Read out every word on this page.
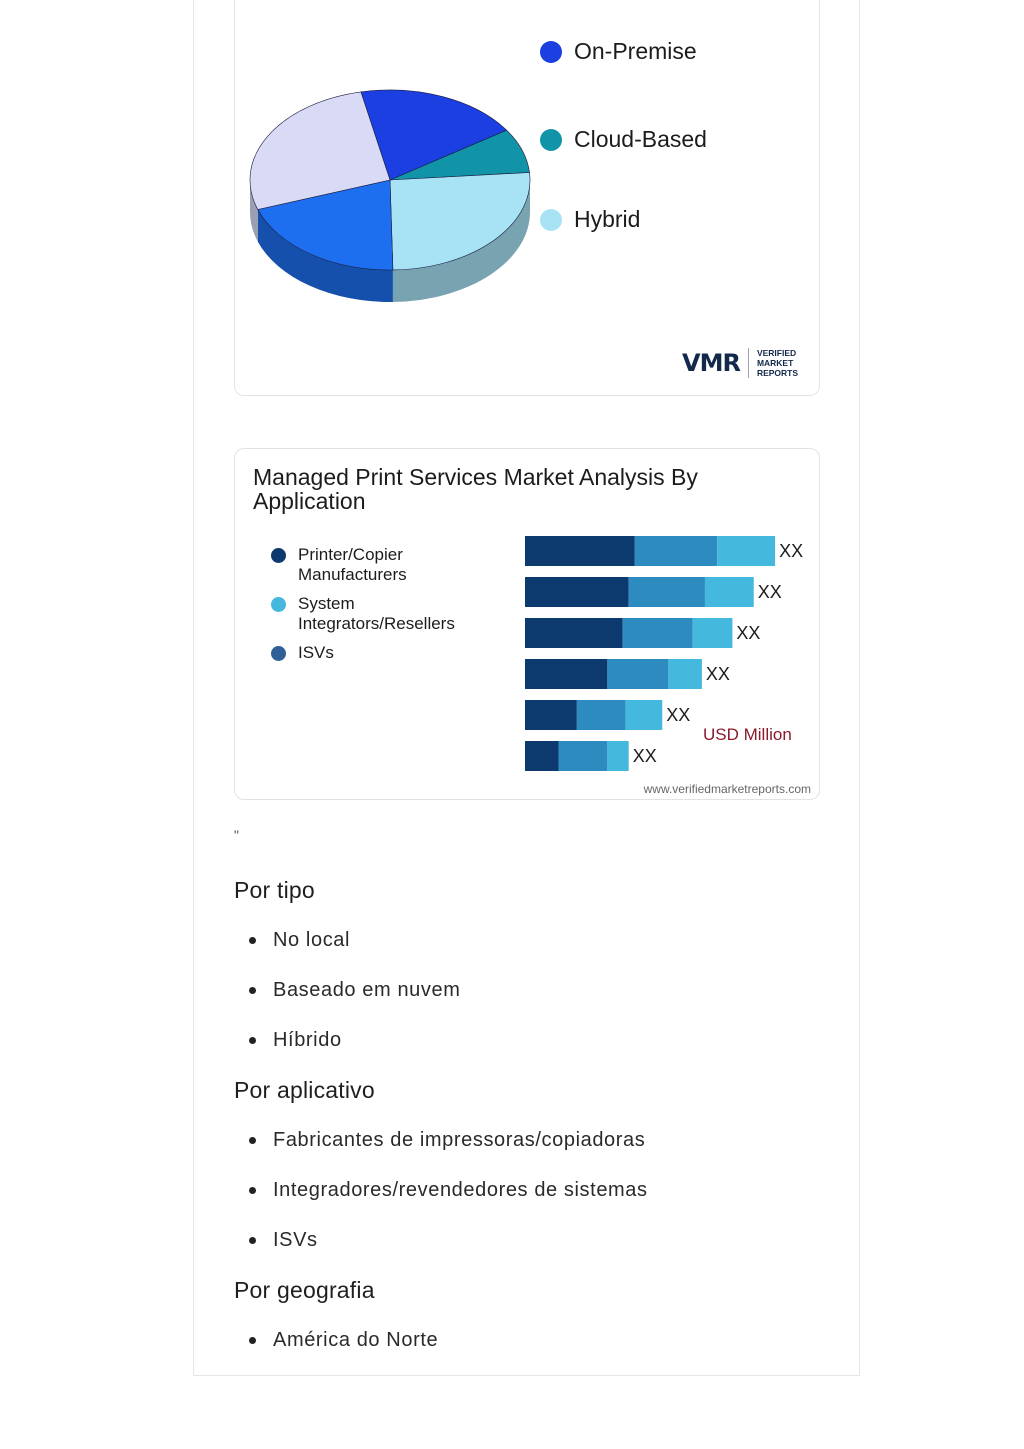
On-Premise
Cloud-Based
Hybrid
VMR VERIFIED
MARKET
REPORTS
Managed Print Services Market Analysis By Application
Printer/Copier Manufacturers
System Integrators/Resellers
ISVs
XX
XX
XX
XX
XX
XX
USD Million
www.verifiedmarketreports.com
"
Por tipo
No local
Baseado em nuvem
Híbrido
Por aplicativo
Fabricantes de impressoras/copiadoras
Integradores/revendedores de sistemas
ISVs
Por geografia
América do Norte
